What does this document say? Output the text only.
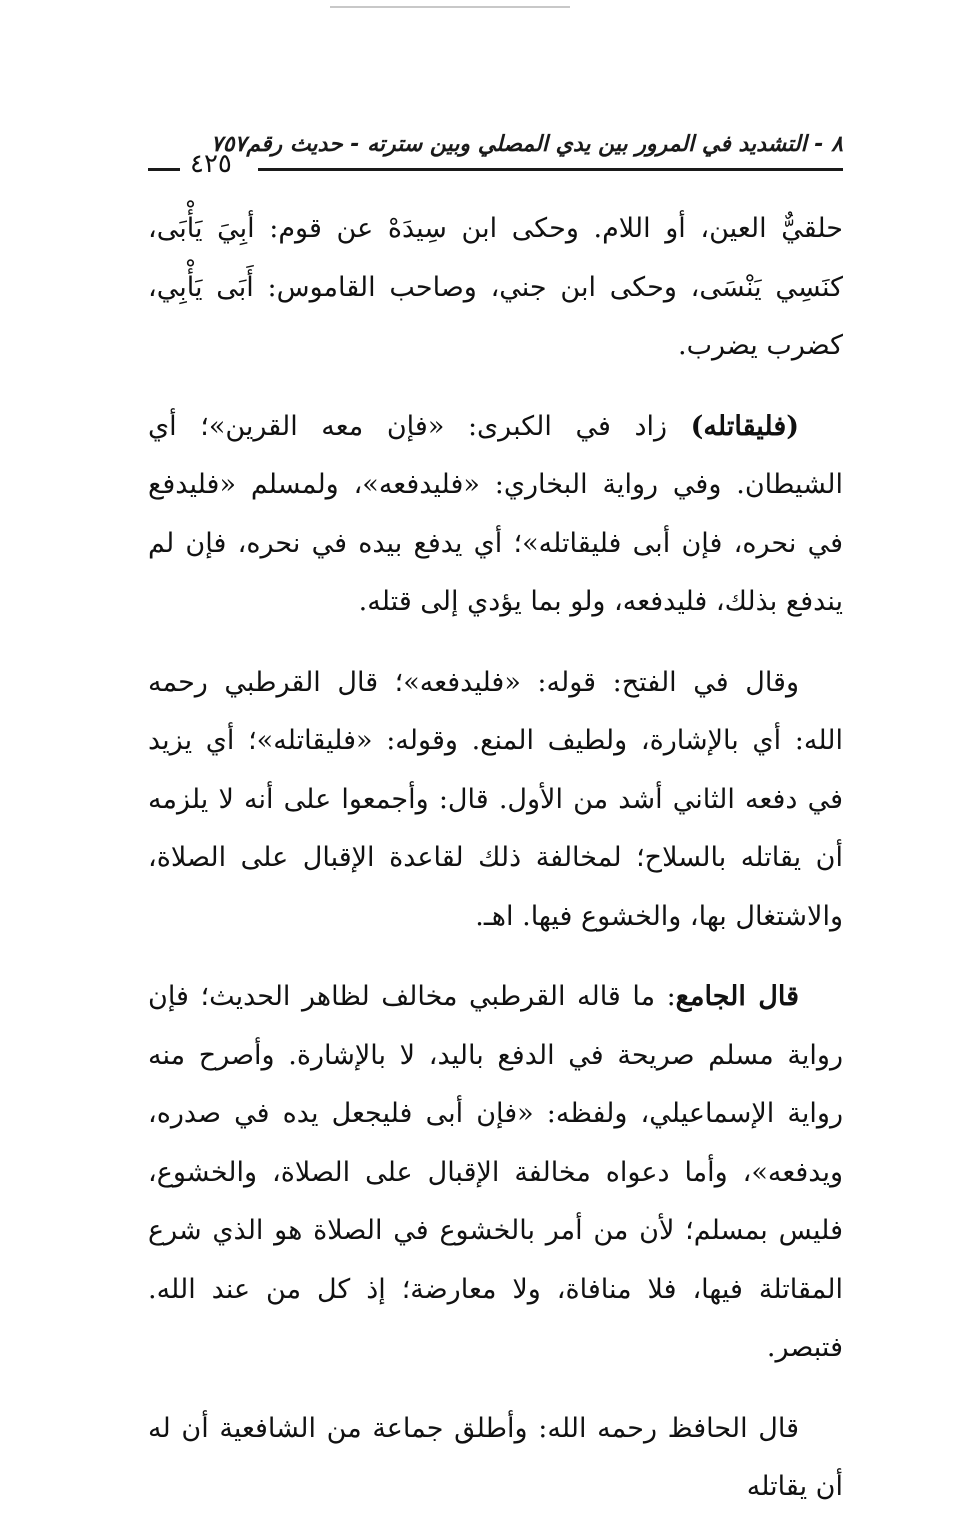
٨ - التشديد في المرور بين يدي المصلي وبين سترته - حديث رقم٧٥٧
٤٢٥

حلقيٌّ العين، أو اللام. وحكى ابن سِيدَهْ عن قوم: أبِيَ يَأْبَى، كنَسِي يَنْسَى، وحكى ابن جني، وصاحب القاموس: أَبَى يَأْبِي، كضرب يضرب.

(فليقاتله) زاد في الكبرى: «فإن معه القرين»؛ أي الشيطان. وفي رواية البخاري: «فليدفعه»، ولمسلم «فليدفع في نحره، فإن أبى فليقاتله»؛ أي يدفع بيده في نحره، فإن لم يندفع بذلك، فليدفعه، ولو بما يؤدي إلى قتله.

وقال في الفتح: قوله: «فليدفعه»؛ قال القرطبي رحمه الله: أي بالإشارة، ولطيف المنع. وقوله: «فليقاتله»؛ أي يزيد في دفعه الثاني أشد من الأول. قال: وأجمعوا على أنه لا يلزمه أن يقاتله بالسلاح؛ لمخالفة ذلك لقاعدة الإقبال على الصلاة، والاشتغال بها، والخشوع فيها. اهـ.

قال الجامع: ما قاله القرطبي مخالف لظاهر الحديث؛ فإن رواية مسلم صريحة في الدفع باليد، لا بالإشارة. وأصرح منه رواية الإسماعيلي، ولفظه: «فإن أبى فليجعل يده في صدره، ويدفعه»، وأما دعواه مخالفة الإقبال على الصلاة، والخشوع، فليس بمسلم؛ لأن من أمر بالخشوع في الصلاة هو الذي شرع المقاتلة فيها، فلا منافاة، ولا معارضة؛ إذ كل من عند الله. فتبصر.

قال الحافظ رحمه الله: وأطلق جماعة من الشافعية أن له أن يقاتله
